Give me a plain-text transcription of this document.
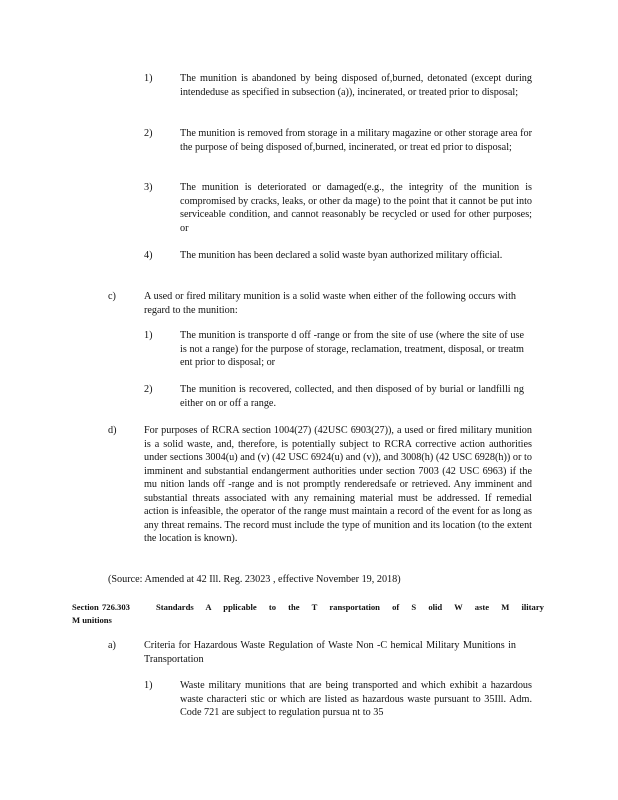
1)	The munition is abandoned by being disposed of,burned, detonated (except during intendeduse as specified in subsection (a)), incinerated, or treated prior to disposal;
2)	The munition is removed from storage in a military magazine or other storage area for the purpose of being disposed of,burned, incinerated, or treat ed prior to disposal;
3)	The munition is deteriorated or damaged(e.g., the integrity of the munition is compromised by cracks, leaks, or other da mage) to the point that it cannot be put into serviceable condition, and cannot reasonably be recycled or used for other purposes; or
4)	The munition has been declared a solid waste byan authorized military official.
c)	A used or fired military munition is a solid waste when either of the following occurs with regard to the munition:
1)	The munition is transporte d off -range or from the site of use (where the site of use is not a range) for the purpose of storage, reclamation, treatment, disposal, or treatm ent prior to disposal; or
2)	The munition is recovered, collected, and then disposed of by burial or landfilli ng either on or off a range.
d)	For purposes of RCRA section 1004(27) (42USC 6903(27)), a used or fired military munition is a solid waste, and, therefore, is potentially subject to RCRA corrective action authorities under sections 3004(u) and (v) (42 USC 6924(u) and (v)), and 3008(h) (42 USC 6928(h)) or to imminent and substantial endangerment authorities under section 7003 (42 USC 6963) if the mu nition lands off -range and is not promptly renderedsafe or retrieved. Any imminent and substantial threats associated with any remaining material must be addressed. If remedial action is infeasible, the operator of the range must maintain a record of the event for as long as any threat remains. The record must include the type of munition and its location (to the extent the location is known).
(Source: Amended at 42 Ill. Reg. 23023 , effective November 19, 2018)
Section 726.303	Standards A pplicable to the T ransportation of S olid W aste M ilitary
M unitions
a)	Criteria for Hazardous Waste Regulation of Waste Non -C hemical Military Munitions in Transportation
1)	Waste military munitions that are being transported and which exhibit a hazardous waste characteri stic or which are listed as hazardous waste pursuant to 35Ill. Adm. Code 721 are subject to regulation pursua nt to 35
